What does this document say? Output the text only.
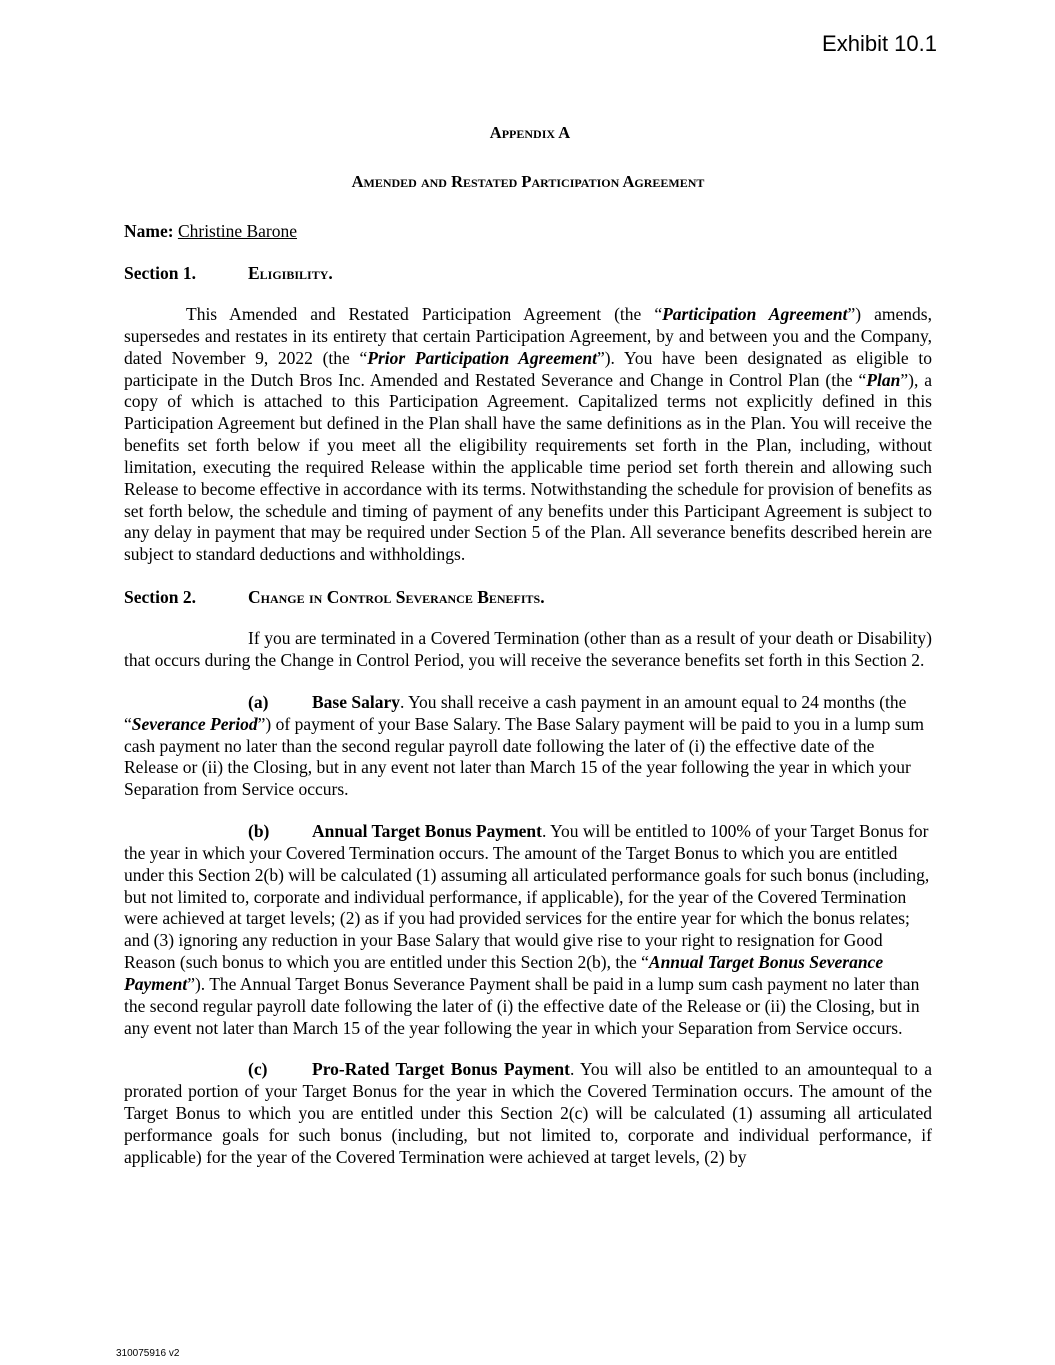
Exhibit 10.1
Appendix A
Amended and Restated Participation Agreement
Name: Christine Barone
Section 1.	Eligibility.

This Amended and Restated Participation Agreement (the “Participation Agreement”) amends, supersedes and restates in its entirety that certain Participation Agreement, by and between you and the Company, dated November 9, 2022 (the “Prior Participation Agreement”). You have been designated as eligible to participate in the Dutch Bros Inc. Amended and Restated Severance and Change in Control Plan (the “Plan”), a copy of which is attached to this Participation Agreement. Capitalized terms not explicitly defined in this Participation Agreement but defined in the Plan shall have the same definitions as in the Plan. You will receive the benefits set forth below if you meet all the eligibility requirements set forth in the Plan, including, without limitation, executing the required Release within the applicable time period set forth therein and allowing such Release to become effective in accordance with its terms. Notwithstanding the schedule for provision of benefits as set forth below, the schedule and timing of payment of any benefits under this Participant Agreement is subject to any delay in payment that may be required under Section 5 of the Plan. All severance benefits described herein are subject to standard deductions and withholdings.

Section 2.	Change in Control Severance Benefits.

If you are terminated in a Covered Termination (other than as a result of your death or Disability) that occurs during the Change in Control Period, you will receive the severance benefits set forth in this Section 2.

(a) Base Salary. You shall receive a cash payment in an amount equal to 24 months (the “Severance Period”) of payment of your Base Salary. The Base Salary payment will be paid to you in a lump sum cash payment no later than the second regular payroll date following the later of (i) the effective date of the Release or (ii) the Closing, but in any event not later than March 15 of the year following the year in which your Separation from Service occurs.

(b) Annual Target Bonus Payment. You will be entitled to 100% of your Target Bonus for the year in which your Covered Termination occurs. The amount of the Target Bonus to which you are entitled under this Section 2(b) will be calculated (1) assuming all articulated performance goals for such bonus (including, but not limited to, corporate and individual performance, if applicable), for the year of the Covered Termination were achieved at target levels; (2) as if you had provided services for the entire year for which the bonus relates; and (3) ignoring any reduction in your Base Salary that would give rise to your right to resignation for Good Reason (such bonus to which you are entitled under this Section 2(b), the “Annual Target Bonus Severance Payment”). The Annual Target Bonus Severance Payment shall be paid in a lump sum cash payment no later than the second regular payroll date following the later of (i) the effective date of the Release or (ii) the Closing, but in any event not later than March 15 of the year following the year in which your Separation from Service occurs.

(c)	Pro-Rated Target Bonus Payment. You will also be entitled to an amountequal to a prorated portion of your Target Bonus for the year in which the Covered Termination occurs. The amount of the Target Bonus to which you are entitled under this Section 2(c) will be calculated (1) assuming all articulated performance goals for such bonus (including, but not limited to, corporate and individual performance, if applicable) for the year of the Covered Termination were achieved at target levels, (2) by

310075916 v2
